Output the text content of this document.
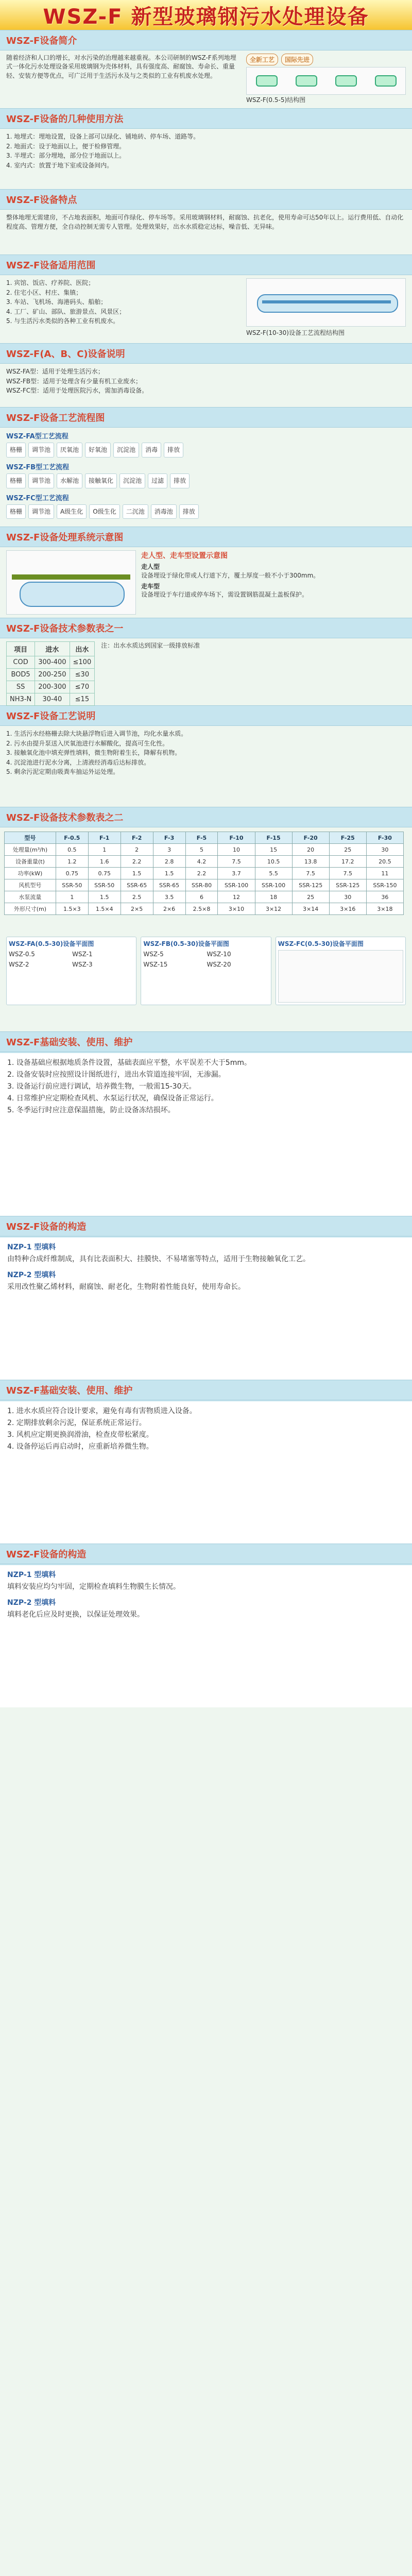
WSZ-F 新型玻璃钢污水处理设备
WSZ-F设备简介
随着经济和人口的增长，对水污染的治理越来越重视。本公司研制的WSZ-F系列地埋式一体化污水处理设备采用玻璃钢为壳体材料，具有强度高、耐腐蚀、寿命长、重量轻、安装方便等优点，可广泛用于生活污水及与之类似的工业有机废水处理。
全新工艺	国际先进
WSZ-F(0.5-5)结构图
WSZ-F设备的几种使用方法
1. 地埋式：埋地设置，设备上部可以绿化、铺地砖、停车场、道路等。
2. 地面式：设于地面以上，便于检修管理。
3. 半埋式：部分埋地，部分位于地面以上。
4. 室内式：放置于地下室或设备间内。
WSZ-F设备特点
整体地埋无需建房，不占地表面积，地面可作绿化、停车场等。采用玻璃钢材料，耐腐蚀、抗老化，使用寿命可达50年以上。运行费用低、自动化程度高、管理方便，全自动控制无需专人管理。处理效果好，出水水质稳定达标，噪音低、无异味。
WSZ-F设备适用范围
1. 宾馆、饭店、疗养院、医院；
2. 住宅小区、村庄、集镇；
3. 车站、飞机场、海港码头、船舶；
4. 工厂、矿山、部队、旅游景点、风景区；
5. 与生活污水类似的各种工业有机废水。
WSZ-F(10-30)设备工艺流程结构图
WSZ-F(A、B、C)设备说明
WSZ-FA型：适用于处理生活污水；
WSZ-FB型：适用于处理含有少量有机工业废水；
WSZ-FC型：适用于处理医院污水，需加消毒设备。
WSZ-F设备工艺流程图
WSZ-FA型工艺流程
格栅	调节池	厌氧池	好氧池	沉淀池	消毒	排放
WSZ-FB型工艺流程
格栅	调节池	水解池	接触氧化	沉淀池	过滤	排放
WSZ-FC型工艺流程
格栅	调节池	A级生化	O级生化	二沉池	消毒池	排放
WSZ-F设备处理系统示意图
走人型、走车型设置示意图
走人型
设备埋设于绿化带或人行道下方，覆土厚度一般不小于300mm。
走车型
设备埋设于车行道或停车场下，需设置钢筋混凝土盖板保护。
WSZ-F设备技术参数表之一
项目	进水	出水
COD	300-400	≤100
BOD5	200-250	≤30
SS	200-300	≤70
NH3-N	30-40	≤15
注：出水水质达到国家一级排放标准
WSZ-F设备工艺说明
1. 生活污水经格栅去除大块悬浮物后进入调节池，均化水量水质。
2. 污水由提升泵送入厌氧池进行水解酸化，提高可生化性。
3. 接触氧化池中填充弹性填料，微生物附着生长，降解有机物。
4. 沉淀池进行泥水分离，上清液经消毒后达标排放。
5. 剩余污泥定期由吸粪车抽运外运处理。
WSZ-F设备技术参数表之二
型号	F-0.5	F-1	F-2	F-3	F-5	F-10	F-15	F-20	F-25	F-30
处理量(m³/h)	0.5	1	2	3	5	10	15	20	25	30
设备重量(t)	1.2	1.6	2.2	2.8	4.2	7.5	10.5	13.8	17.2	20.5
功率(kW)	0.75	0.75	1.5	1.5	2.2	3.7	5.5	7.5	7.5	11
风机型号	SSR-50	SSR-50	SSR-65	SSR-65	SSR-80	SSR-100	SSR-100	SSR-125	SSR-125	SSR-150
水泵流量	1	1.5	2.5	3.5	6	12	18	25	30	36
外形尺寸(m)	1.5×3	1.5×4	2×5	2×6	2.5×8	3×10	3×12	3×14	3×16	3×18
WSZ-FA(0.5-30)设备平面图
WSZ-0.5	WSZ-1
WSZ-2	WSZ-3
WSZ-FB(0.5-30)设备平面图
WSZ-5	WSZ-10
WSZ-15	WSZ-20
WSZ-FC(0.5-30)设备平面图
WSZ-F基础安装、使用、维护
1. 设备基础应根据地质条件设置，基础表面应平整，水平误差不大于5mm。
2. 设备安装时应按照设计图纸进行，进出水管道连接牢固，无渗漏。
3. 设备运行前应进行调试，培养微生物，一般需15-30天。
4. 日常维护应定期检查风机、水泵运行状况，确保设备正常运行。
5. 冬季运行时应注意保温措施，防止设备冻结损坏。
WSZ-F设备的构造
NZP-1 型填料
由特种合成纤维制成，具有比表面积大、挂膜快、不易堵塞等特点，适用于生物接触氧化工艺。
NZP-2 型填料
采用改性聚乙烯材料，耐腐蚀、耐老化，生物附着性能良好，使用寿命长。
WSZ-F基础安装、使用、维护
1. 进水水质应符合设计要求，避免有毒有害物质进入设备。
2. 定期排放剩余污泥，保证系统正常运行。
3. 风机应定期更换润滑油，检查皮带松紧度。
4. 设备停运后再启动时，应重新培养微生物。
WSZ-F设备的构造
NZP-1 型填料
填料安装应均匀牢固，定期检查填料生物膜生长情况。
NZP-2 型填料
填料老化后应及时更换，以保证处理效果。
